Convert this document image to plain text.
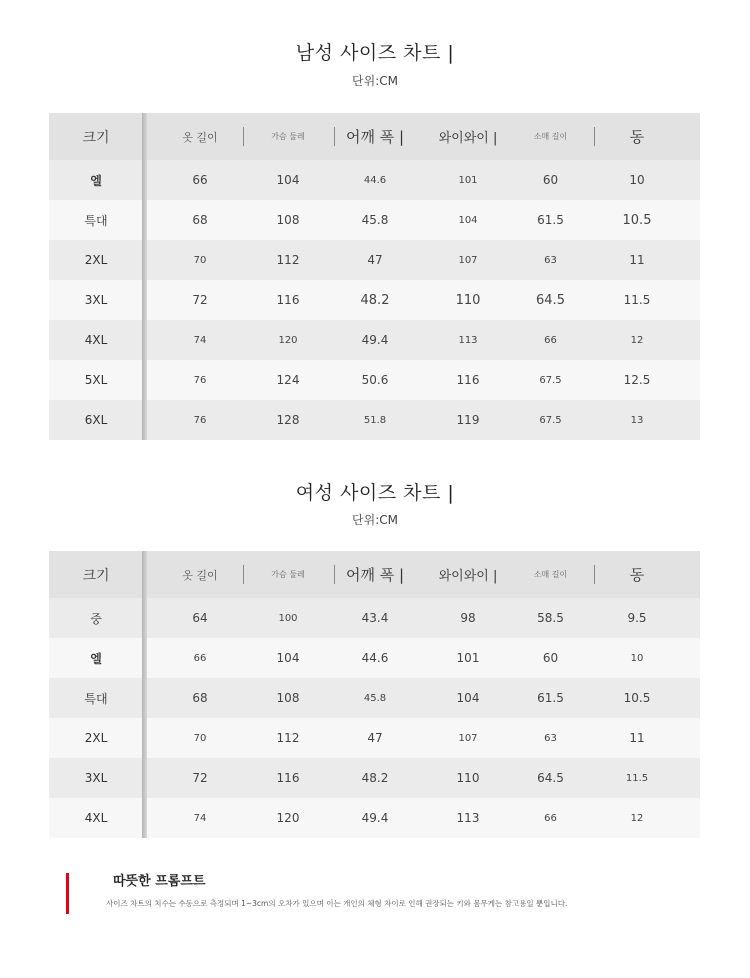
남성 사이즈 차트 |
단위:CM
크기	옷 길이	가슴 둘레	어깨 폭 |	와이와이 |	소매 길이	동
엘	66	104	44.6	101	60	10
특대	68	108	45.8	104	61.5	10.5
2XL	70	112	47	107	63	11
3XL	72	116	48.2	110	64.5	11.5
4XL	74	120	49.4	113	66	12
5XL	76	124	50.6	116	67.5	12.5
6XL	76	128	51.8	119	67.5	13
여성 사이즈 차트 |
단위:CM
크기	옷 길이	가슴 둘레	어깨 폭 |	와이와이 |	소매 길이	동
중	64	100	43.4	98	58.5	9.5
엘	66	104	44.6	101	60	10
특대	68	108	45.8	104	61.5	10.5
2XL	70	112	47	107	63	11
3XL	72	116	48.2	110	64.5	11.5
4XL	74	120	49.4	113	66	12
따뜻한 프롬프트
사이즈 차트의 치수는 수동으로 측정되며 1~3cm의 오차가 있으며 이는 개인의 체형 차이로 인해 권장되는 키와 몸무게는 참고용일 뿐입니다.
